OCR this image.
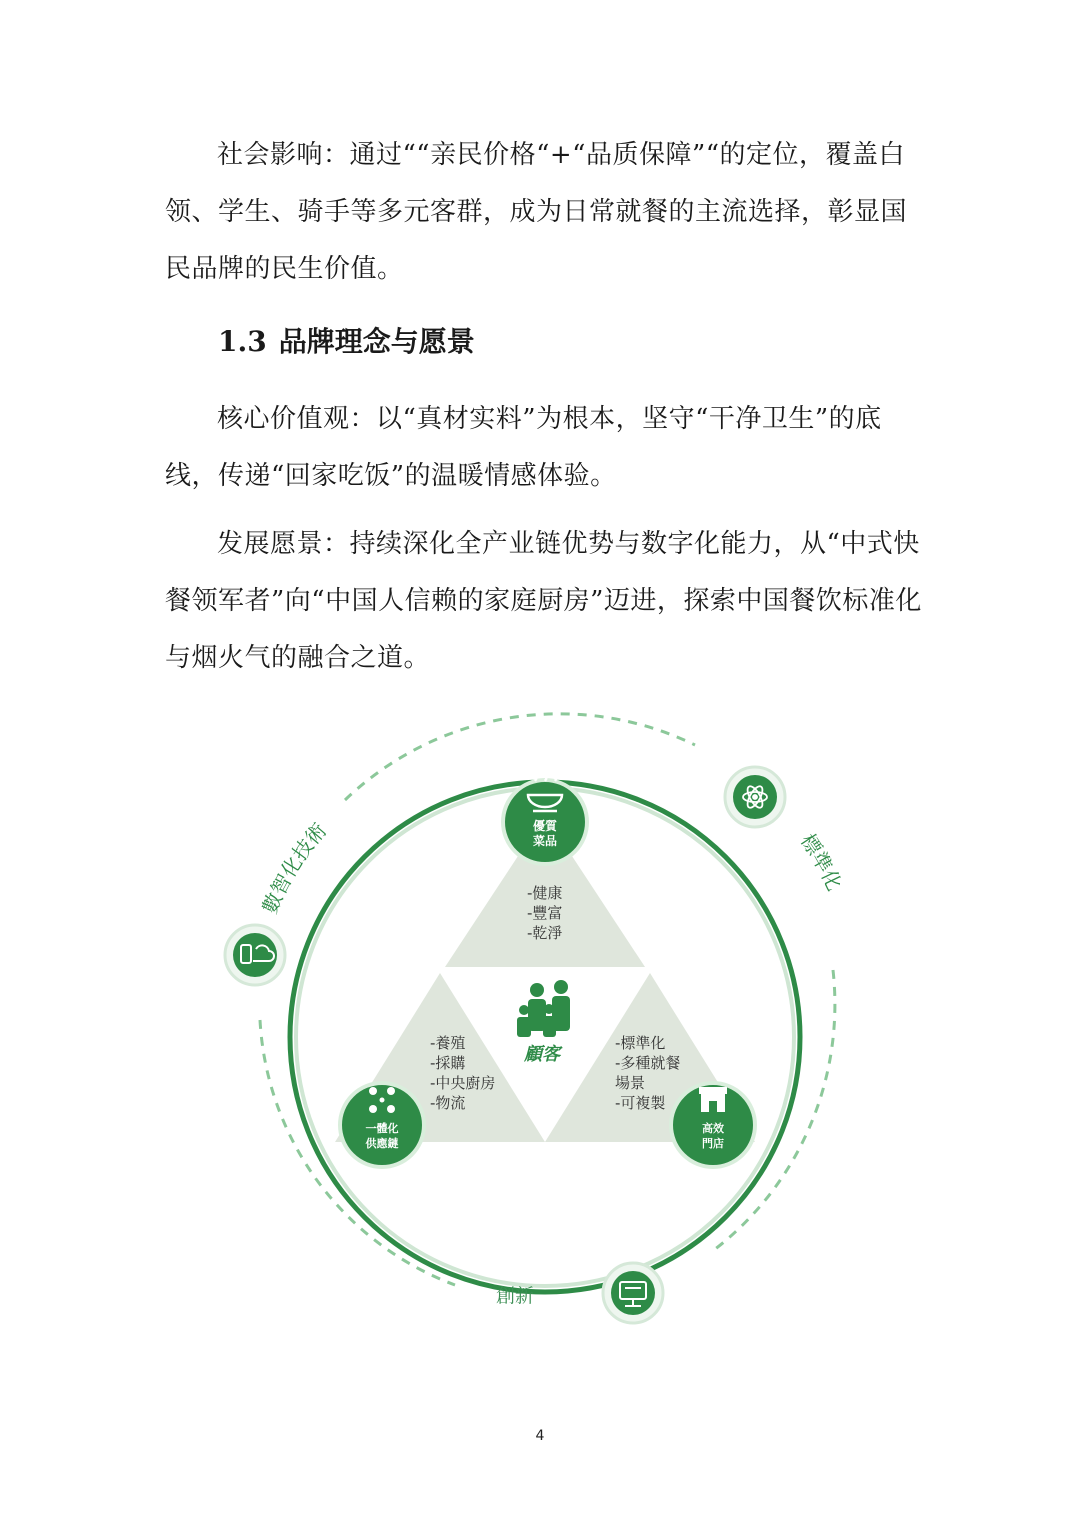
社会影响：通过““亲民价格“+“品质保障”“的定位，覆盖白领、学生、骑手等多元客群，成为日常就餐的主流选择，彰显国民品牌的民生价值。

1.3 品牌理念与愿景

核心价值观：以“真材实料”为根本，坚守“干净卫生”的底线，传递“回家吃饭”的温暖情感体验。

发展愿景：持续深化全产业链优势与数字化能力，从“中式快餐领军者”向“中国人信赖的家庭厨房”迈进，探索中国餐饮标准化与烟火气的融合之道。

顧客
優質
菜品
-健康
-豐富
-乾淨
一體化
供應鏈
-養殖
-採購
-中央廚房
-物流
高效
門店
-標準化
-多種就餐
場景
-可複製
數智化技術	標準化
創新
4
